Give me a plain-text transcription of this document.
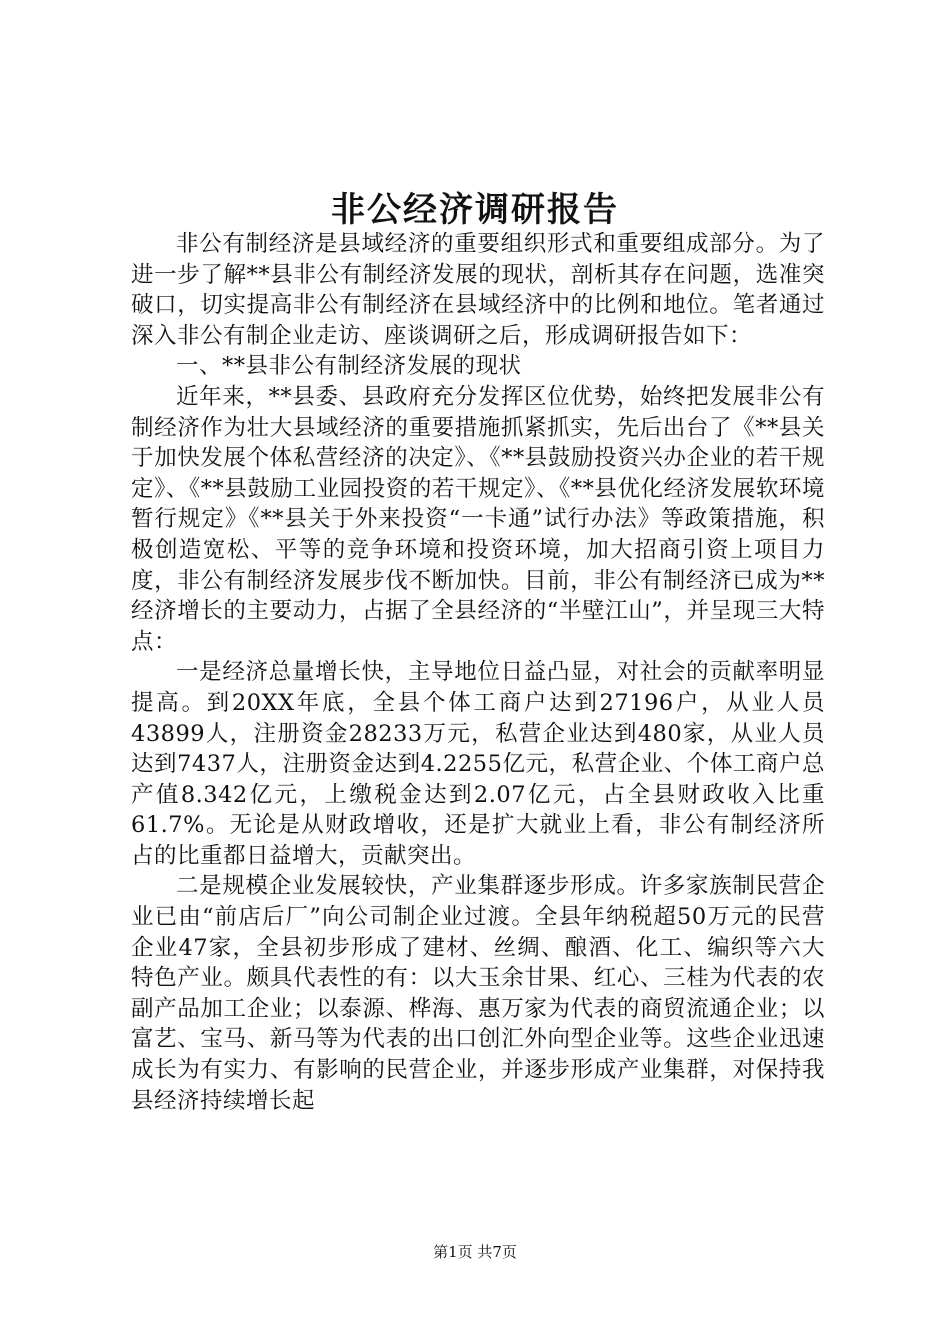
非公经济调研报告

非公有制经济是县域经济的重要组织形式和重要组成部分。为了进一步了解**县非公有制经济发展的现状，剖析其存在问题，选准突破口，切实提高非公有制经济在县域经济中的比例和地位。笔者通过深入非公有制企业走访、座谈调研之后，形成调研报告如下：

一、**县非公有制经济发展的现状

近年来，**县委、县政府充分发挥区位优势，始终把发展非公有制经济作为壮大县域经济的重要措施抓紧抓实，先后出台了《**县关于加快发展个体私营经济的决定》、《**县鼓励投资兴办企业的若干规定》、《**县鼓励工业园投资的若干规定》、《**县优化经济发展软环境暂行规定》《**县关于外来投资“一卡通”试行办法》等政策措施，积极创造宽松、平等的竞争环境和投资环境，加大招商引资上项目力度，非公有制经济发展步伐不断加快。目前，非公有制经济已成为**经济增长的主要动力，占据了全县经济的“半壁江山”，并呈现三大特点：

一是经济总量增长快，主导地位日益凸显，对社会的贡献率明显提高。到20XX年底，全县个体工商户达到27196户，从业人员43899人，注册资金28233万元，私营企业达到480家，从业人员达到7437人，注册资金达到4.2255亿元，私营企业、个体工商户总产值8.342亿元，上缴税金达到2.07亿元，占全县财政收入比重61.7%。无论是从财政增收，还是扩大就业上看，非公有制经济所占的比重都日益增大，贡献突出。

二是规模企业发展较快，产业集群逐步形成。许多家族制民营企业已由“前店后厂”向公司制企业过渡。全县年纳税超50万元的民营企业47家，全县初步形成了建材、丝绸、酿酒、化工、编织等六大特色产业。颇具代表性的有：以大玉余甘果、红心、三桂为代表的农副产品加工企业；以泰源、桦海、惠万家为代表的商贸流通企业；以富艺、宝马、新马等为代表的出口创汇外向型企业等。这些企业迅速成长为有实力、有影响的民营企业，并逐步形成产业集群，对保持我县经济持续增长起

第1页 共7页
